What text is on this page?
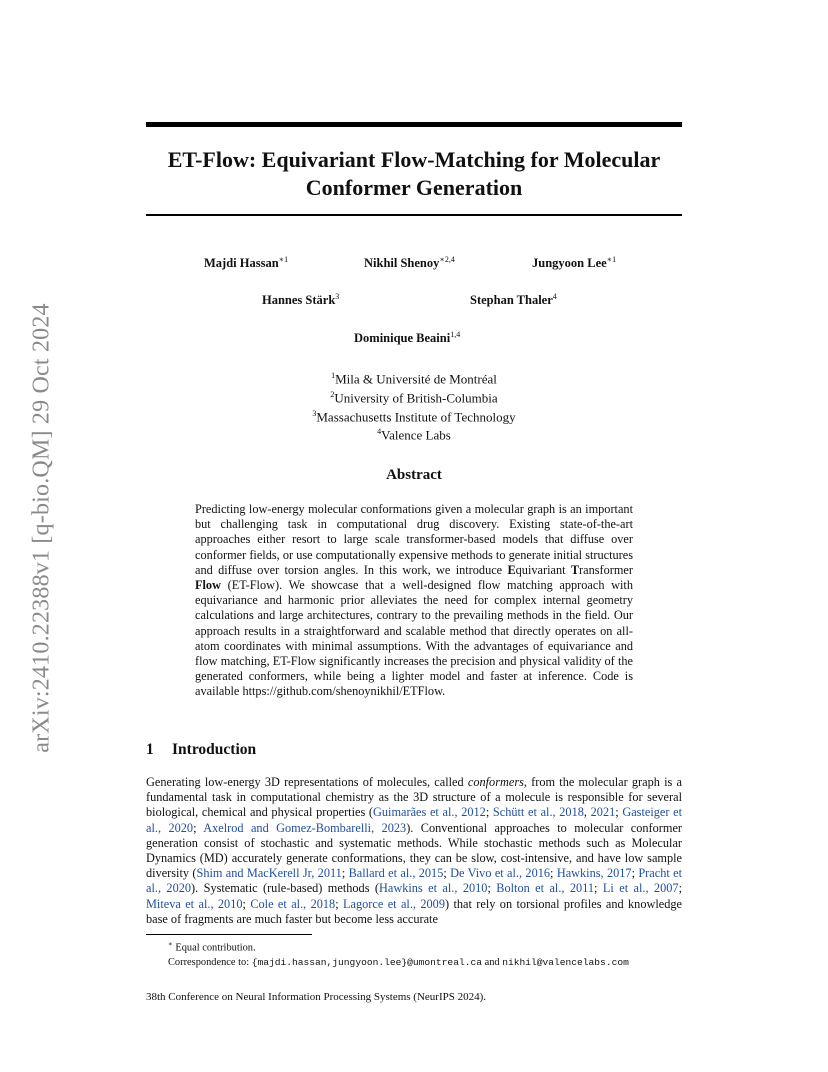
arXiv:2410.22388v1 [q-bio.QM] 29 Oct 2024
ET-Flow: Equivariant Flow-Matching for Molecular Conformer Generation
Majdi Hassan$^{∗1}$	Nikhil Shenoy$^{∗2,4}$	Jungyoon Lee$^{∗1}$
Hannes Stärk$^3$	Stephan Thaler$^4$
Dominique Beaini$^{1,4}$
$^1$Mila & Université de Montréal
$^2$University of British-Columbia
$^3$Massachusetts Institute of Technology
$^4$Valence Labs
Abstract
Predicting low-energy molecular conformations given a molecular graph is an important but challenging task in computational drug discovery. Existing state-of-the-art approaches either resort to large scale transformer-based models that diffuse over conformer fields, or use computationally expensive methods to generate initial structures and diffuse over torsion angles. In this work, we introduce Equivariant Transformer Flow (ET-Flow). We showcase that a well-designed flow matching approach with equivariance and harmonic prior alleviates the need for complex internal geometry calculations and large architectures, contrary to the prevailing methods in the field. Our approach results in a straightforward and scalable method that directly operates on all-atom coordinates with minimal assumptions. With the advantages of equivariance and flow matching, ET-Flow significantly increases the precision and physical validity of the generated conformers, while being a lighter model and faster at inference. Code is available https://github.com/shenoynikhil/ETFlow.
1 Introduction
Generating low-energy 3D representations of molecules, called conformers, from the molecular graph is a fundamental task in computational chemistry as the 3D structure of a molecule is responsible for several biological, chemical and physical properties (Guimarães et al., 2012; Schütt et al., 2018, 2021; Gasteiger et al., 2020; Axelrod and Gomez-Bombarelli, 2023). Conventional approaches to molecular conformer generation consist of stochastic and systematic methods. While stochastic methods such as Molecular Dynamics (MD) accurately generate conformations, they can be slow, cost-intensive, and have low sample diversity (Shim and MacKerell Jr, 2011; Ballard et al., 2015; De Vivo et al., 2016; Hawkins, 2017; Pracht et al., 2020). Systematic (rule-based) methods (Hawkins et al., 2010; Bolton et al., 2011; Li et al., 2007; Miteva et al., 2010; Cole et al., 2018; Lagorce et al., 2009) that rely on torsional profiles and knowledge base of fragments are much faster but become less accurate
∗ Equal contribution.
Correspondence to: {majdi.hassan,jungyoon.lee}@umontreal.ca and nikhil@valencelabs.com
38th Conference on Neural Information Processing Systems (NeurIPS 2024).
